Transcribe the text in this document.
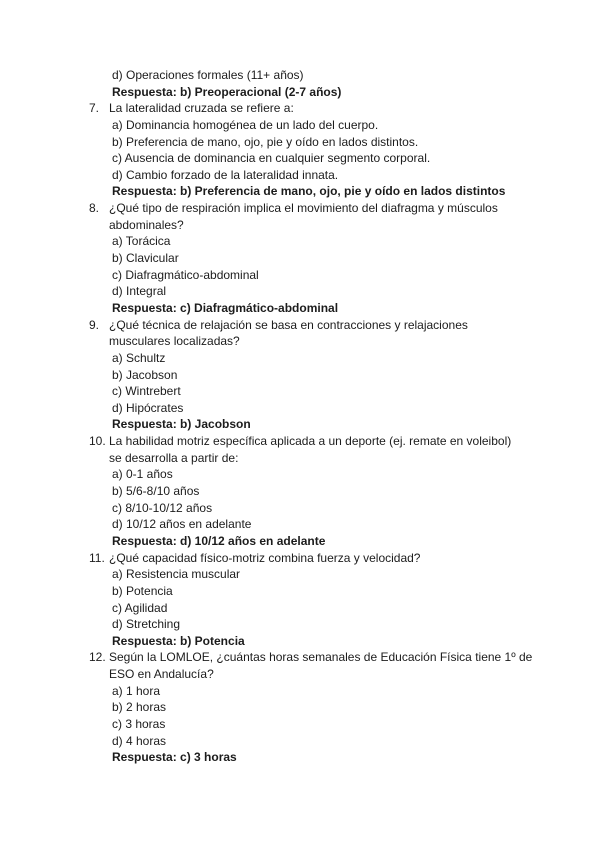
d) Operaciones formales (11+ años)
Respuesta: b) Preoperacional (2-7 años)
7. La lateralidad cruzada se refiere a:
a) Dominancia homogénea de un lado del cuerpo.
b) Preferencia de mano, ojo, pie y oído en lados distintos.
c) Ausencia de dominancia en cualquier segmento corporal.
d) Cambio forzado de la lateralidad innata.
Respuesta: b) Preferencia de mano, ojo, pie y oído en lados distintos
8. ¿Qué tipo de respiración implica el movimiento del diafragma y músculos
abdominales?
a) Torácica
b) Clavicular
c) Diafragmático-abdominal
d) Integral
Respuesta: c) Diafragmático-abdominal
9. ¿Qué técnica de relajación se basa en contracciones y relajaciones
musculares localizadas?
a) Schultz
b) Jacobson
c) Wintrebert
d) Hipócrates
Respuesta: b) Jacobson
10. La habilidad motriz específica aplicada a un deporte (ej. remate en voleibol)
se desarrolla a partir de:
a) 0-1 años
b) 5/6-8/10 años
c) 8/10-10/12 años
d) 10/12 años en adelante
Respuesta: d) 10/12 años en adelante
11. ¿Qué capacidad físico-motriz combina fuerza y velocidad?
a) Resistencia muscular
b) Potencia
c) Agilidad
d) Stretching
Respuesta: b) Potencia
12. Según la LOMLOE, ¿cuántas horas semanales de Educación Física tiene 1º de
ESO en Andalucía?
a) 1 hora
b) 2 horas
c) 3 horas
d) 4 horas
Respuesta: c) 3 horas
